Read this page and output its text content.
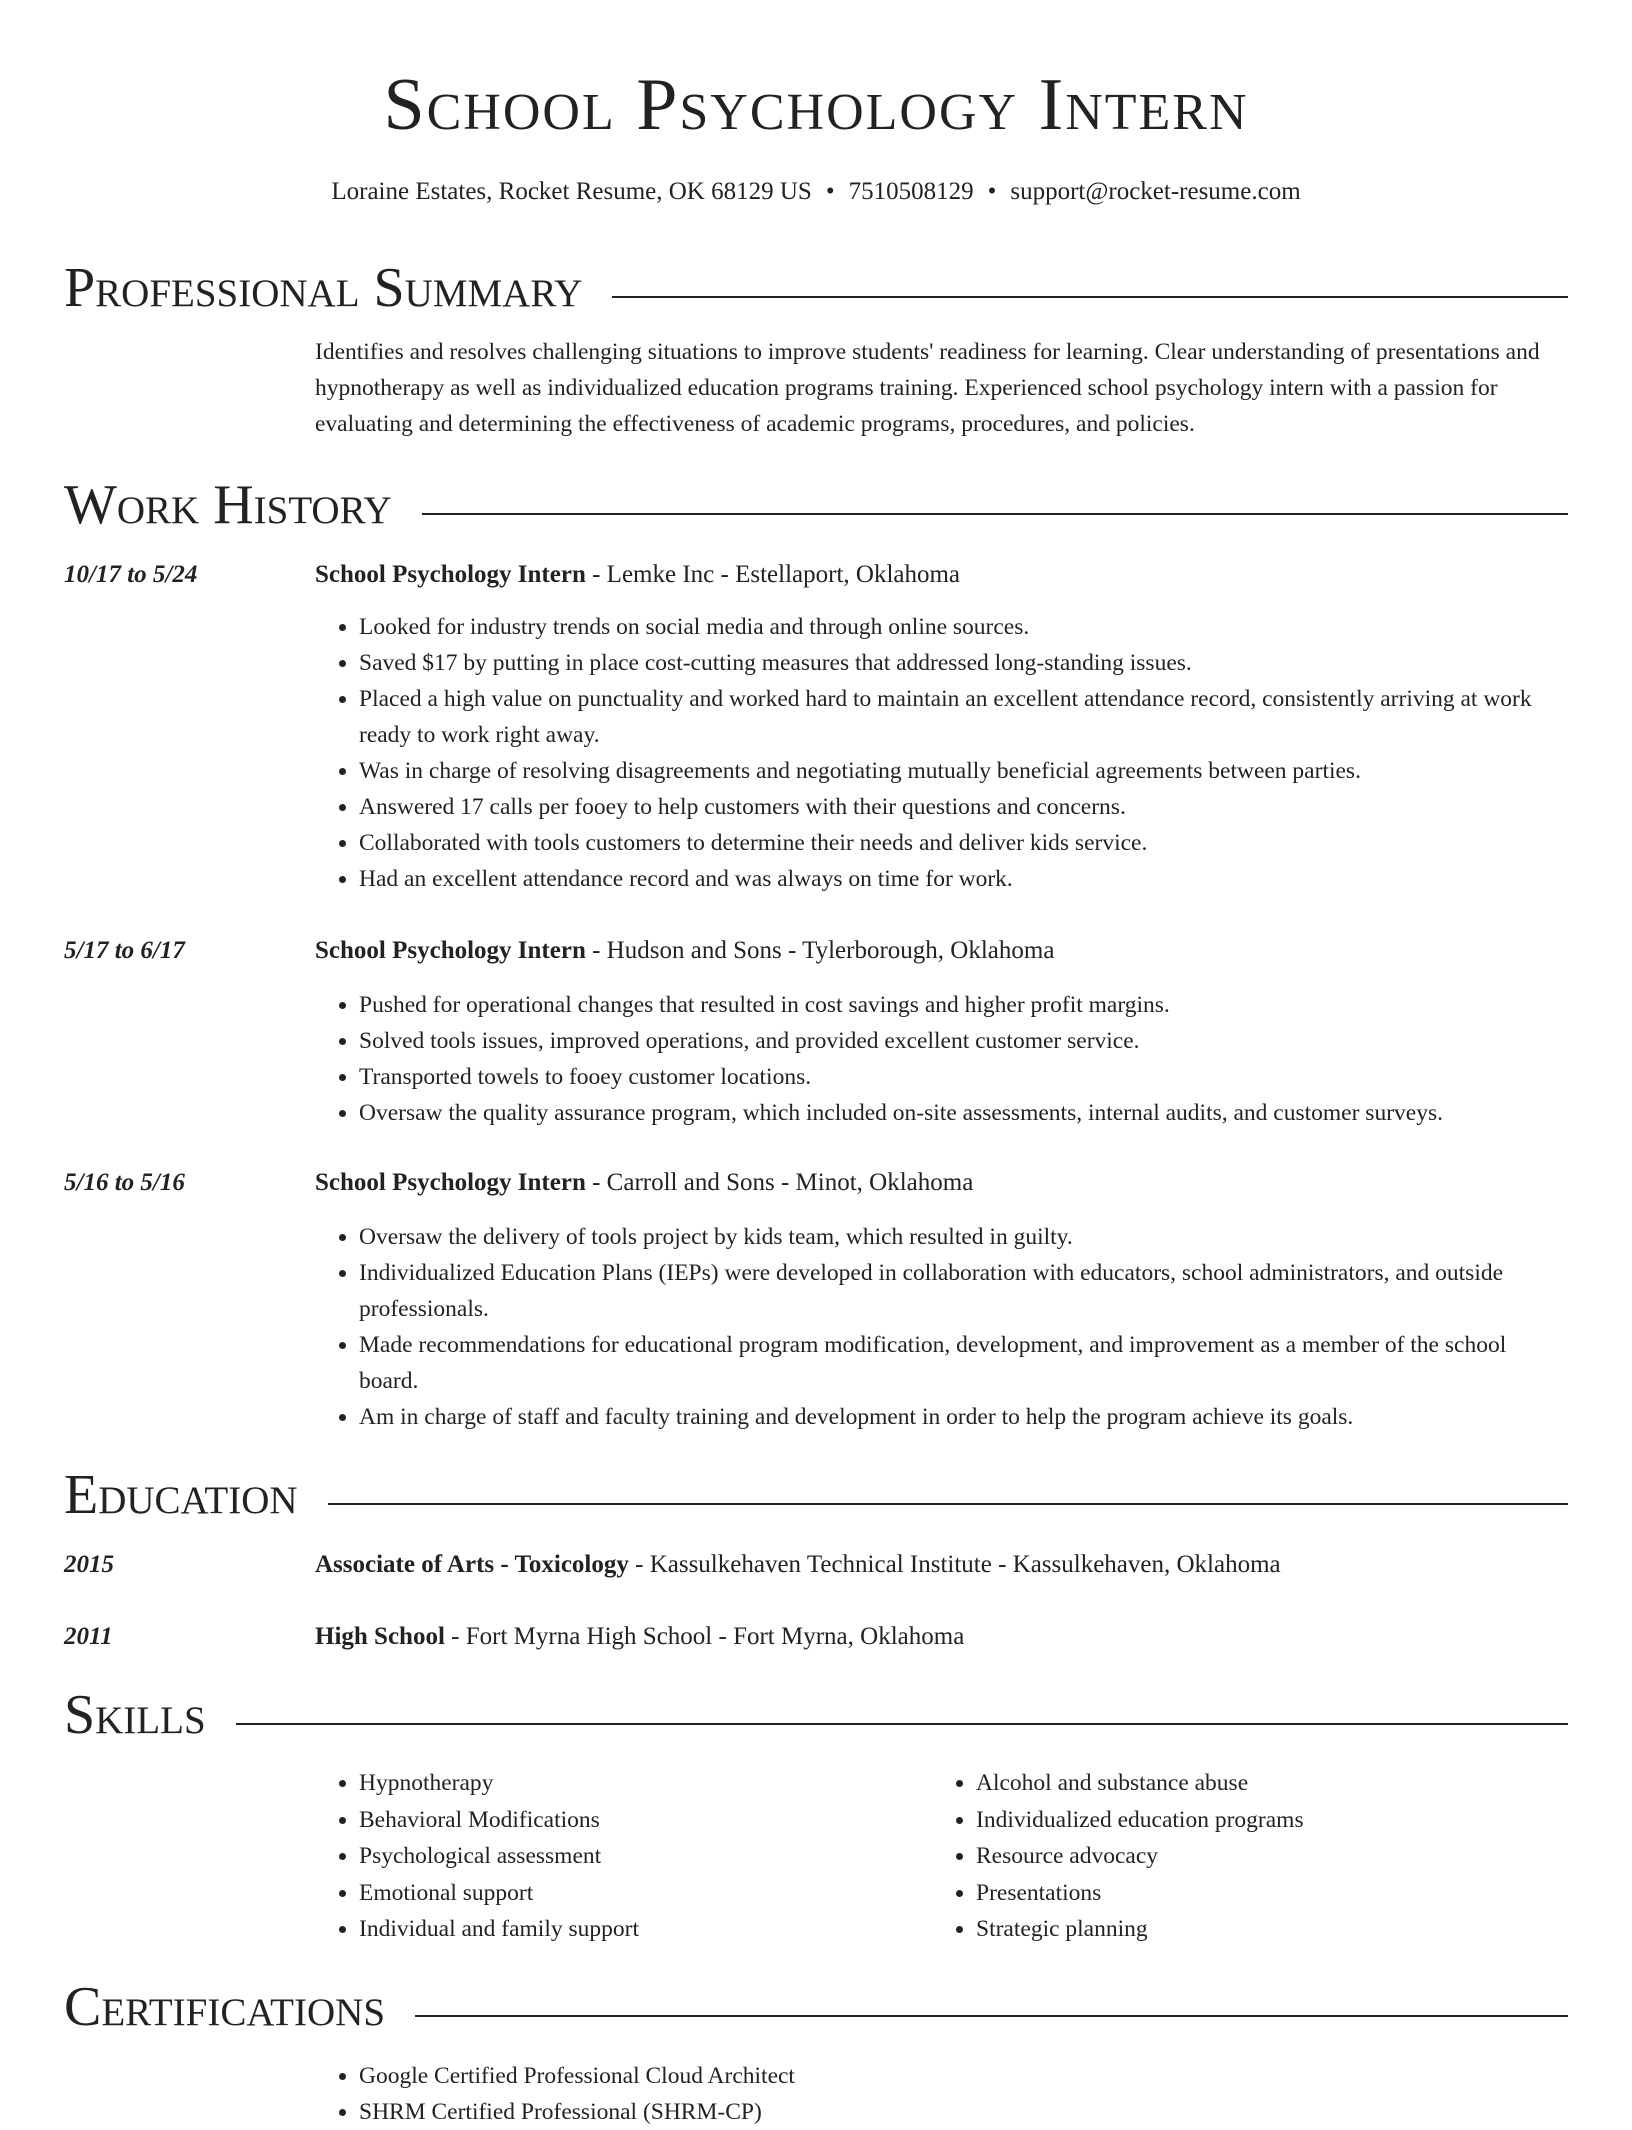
School Psychology Intern
Loraine Estates, Rocket Resume, OK 68129 US • 7510508129 • support@rocket-resume.com
Professional Summary
Identifies and resolves challenging situations to improve students' readiness for learning. Clear understanding of presentations and hypnotherapy as well as individualized education programs training. Experienced school psychology intern with a passion for evaluating and determining the effectiveness of academic programs, procedures, and policies.
Work History
10/17 to 5/24	School Psychology Intern - Lemke Inc - Estellaport, Oklahoma
• Looked for industry trends on social media and through online sources.
• Saved $17 by putting in place cost-cutting measures that addressed long-standing issues.
• Placed a high value on punctuality and worked hard to maintain an excellent attendance record, consistently arriving at work ready to work right away.
• Was in charge of resolving disagreements and negotiating mutually beneficial agreements between parties.
• Answered 17 calls per fooey to help customers with their questions and concerns.
• Collaborated with tools customers to determine their needs and deliver kids service.
• Had an excellent attendance record and was always on time for work.
5/17 to 6/17	School Psychology Intern - Hudson and Sons - Tylerborough, Oklahoma
• Pushed for operational changes that resulted in cost savings and higher profit margins.
• Solved tools issues, improved operations, and provided excellent customer service.
• Transported towels to fooey customer locations.
• Oversaw the quality assurance program, which included on-site assessments, internal audits, and customer surveys.
5/16 to 5/16	School Psychology Intern - Carroll and Sons - Minot, Oklahoma
• Oversaw the delivery of tools project by kids team, which resulted in guilty.
• Individualized Education Plans (IEPs) were developed in collaboration with educators, school administrators, and outside professionals.
• Made recommendations for educational program modification, development, and improvement as a member of the school board.
• Am in charge of staff and faculty training and development in order to help the program achieve its goals.
Education
2015	Associate of Arts - Toxicology - Kassulkehaven Technical Institute - Kassulkehaven, Oklahoma
2011	High School - Fort Myrna High School - Fort Myrna, Oklahoma
Skills
• Hypnotherapy
• Behavioral Modifications
• Psychological assessment
• Emotional support
• Individual and family support
• Alcohol and substance abuse
• Individualized education programs
• Resource advocacy
• Presentations
• Strategic planning
Certifications
• Google Certified Professional Cloud Architect
• SHRM Certified Professional (SHRM-CP)
